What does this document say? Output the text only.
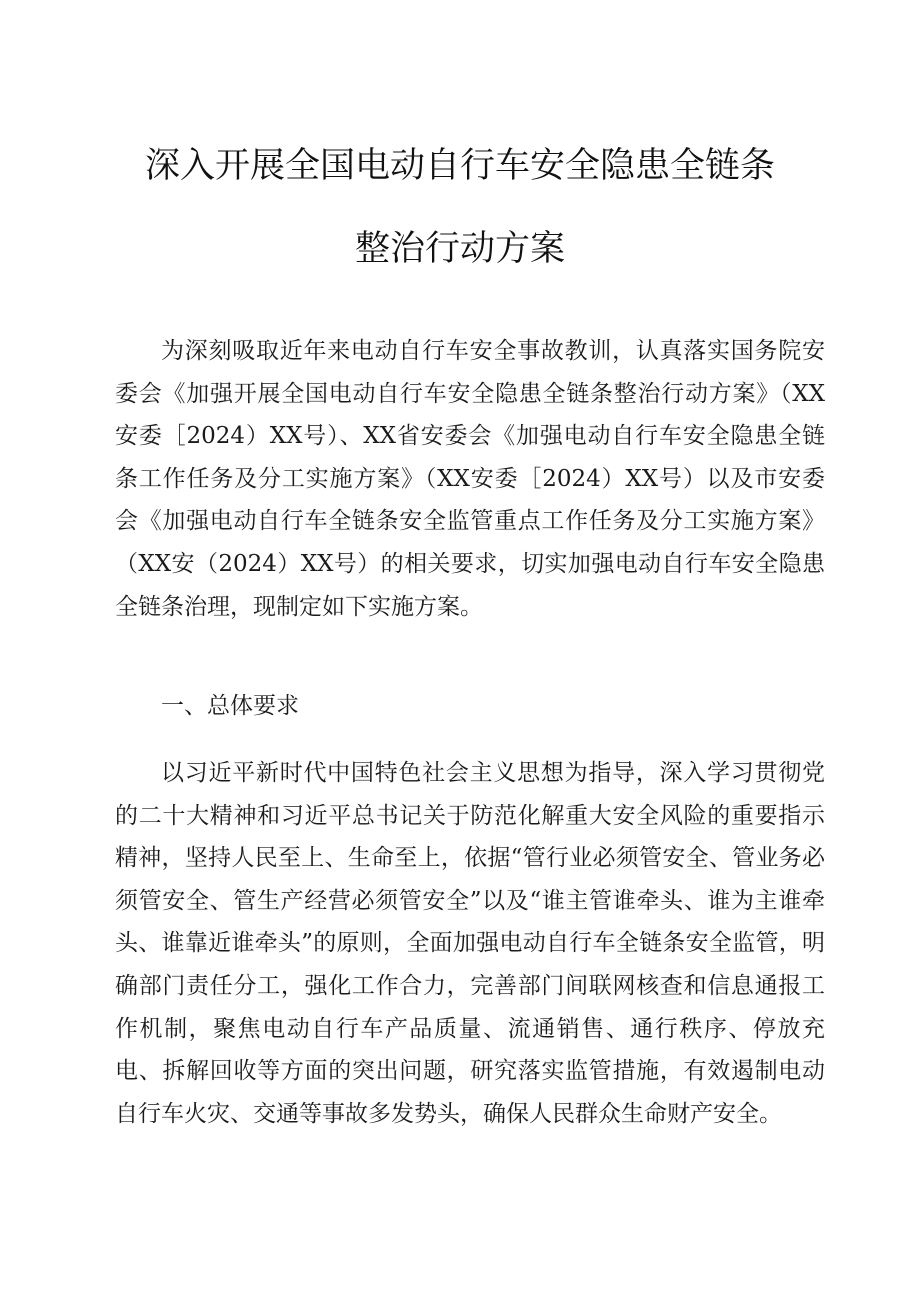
深入开展全国电动自行车安全隐患全链条
整治行动方案
为深刻吸取近年来电动自行车安全事故教训，认真落实国务院安委会《加强开展全国电动自行车安全隐患全链条整治行动方案》（XX安委［2024）XX号）、XX省安委会《加强电动自行车安全隐患全链条工作任务及分工实施方案》（XX安委［2024）XX号）以及市安委会《加强电动自行车全链条安全监管重点工作任务及分工实施方案》（XX安（2024）XX号）的相关要求，切实加强电动自行车安全隐患全链条治理，现制定如下实施方案。
一、总体要求
以习近平新时代中国特色社会主义思想为指导，深入学习贯彻党的二十大精神和习近平总书记关于防范化解重大安全风险的重要指示精神，坚持人民至上、生命至上，依据“管行业必须管安全、管业务必须管安全、管生产经营必须管安全”以及“谁主管谁牵头、谁为主谁牵头、谁靠近谁牵头”的原则，全面加强电动自行车全链条安全监管，明确部门责任分工，强化工作合力，完善部门间联网核查和信息通报工作机制，聚焦电动自行车产品质量、流通销售、通行秩序、停放充电、拆解回收等方面的突出问题，研究落实监管措施，有效遏制电动自行车火灾、交通等事故多发势头，确保人民群众生命财产安全。
